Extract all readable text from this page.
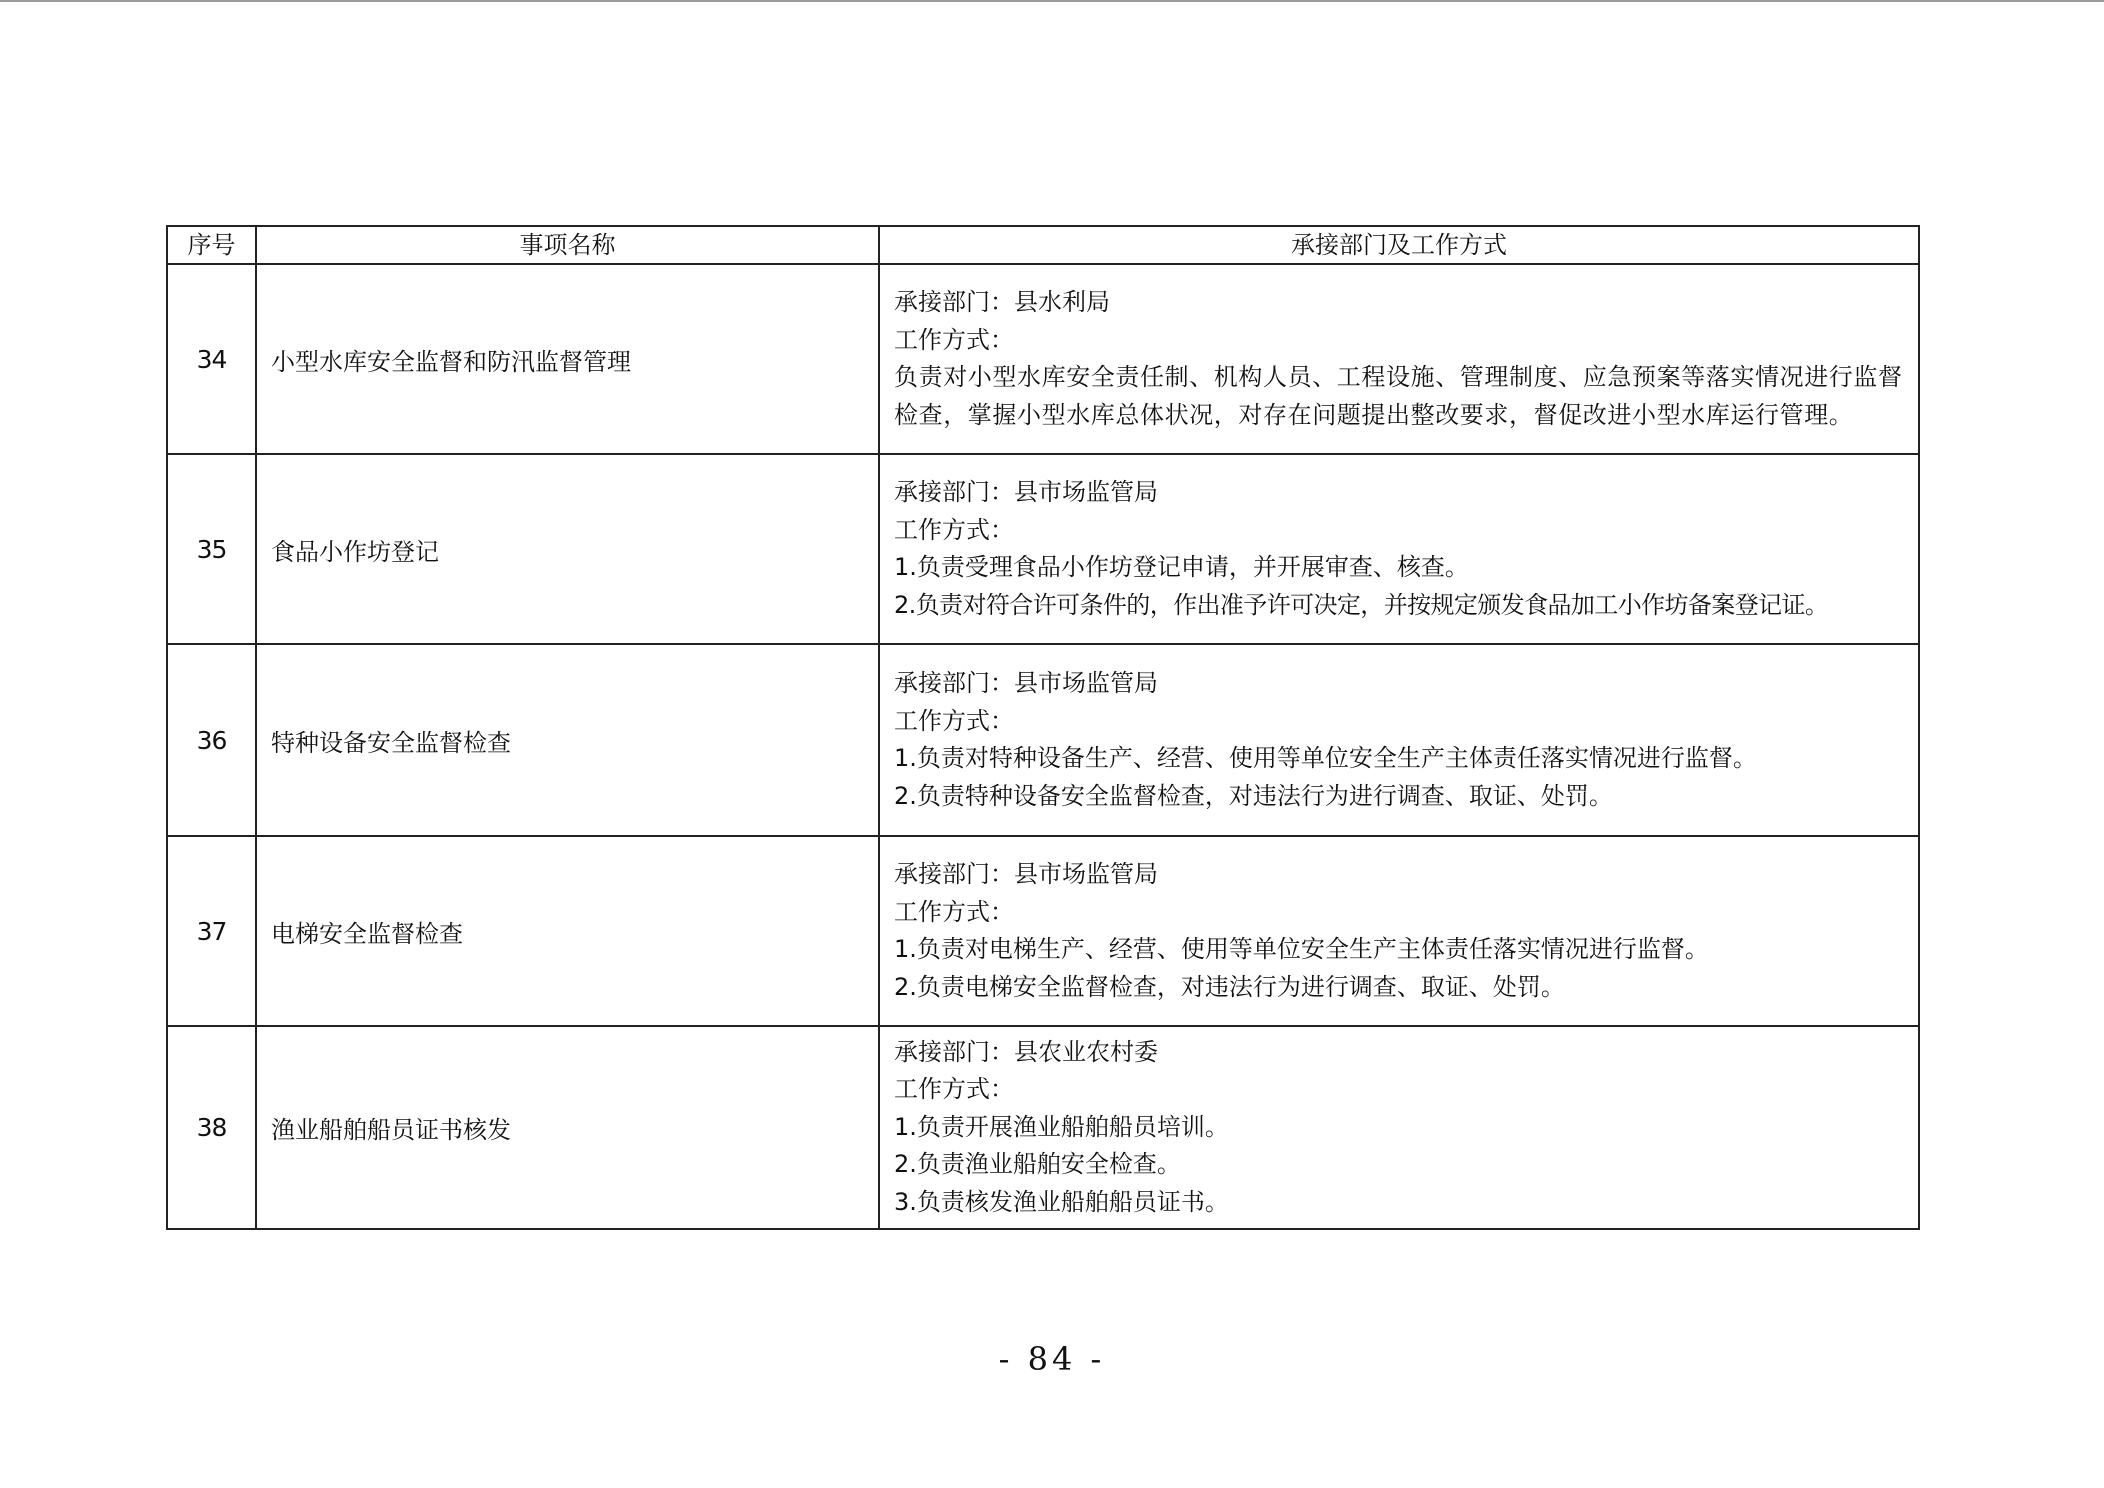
序号	事项名称	承接部门及工作方式
34	小型水库安全监督和防汛监督管理	承接部门：县水利局
工作方式：
负责对小型水库安全责任制、机构人员、工程设施、管理制度、应急预案等落实情况进行监督检查，掌握小型水库总体状况，对存在问题提出整改要求，督促改进小型水库运行管理。

35	食品小作坊登记	承接部门：县市场监管局
工作方式：
1.负责受理食品小作坊登记申请，并开展审查、核查。
2.负责对符合许可条件的，作出准予许可决定，并按规定颁发食品加工小作坊备案登记证。

36	特种设备安全监督检查	承接部门：县市场监管局
工作方式：
1.负责对特种设备生产、经营、使用等单位安全生产主体责任落实情况进行监督。
2.负责特种设备安全监督检查，对违法行为进行调查、取证、处罚。

37	电梯安全监督检查	承接部门：县市场监管局
工作方式：
1.负责对电梯生产、经营、使用等单位安全生产主体责任落实情况进行监督。
2.负责电梯安全监督检查，对违法行为进行调查、取证、处罚。

38	渔业船舶船员证书核发	承接部门：县农业农村委
工作方式：
1.负责开展渔业船舶船员培训。
2.负责渔业船舶安全检查。
3.负责核发渔业船舶船员证书。
- 84 -
